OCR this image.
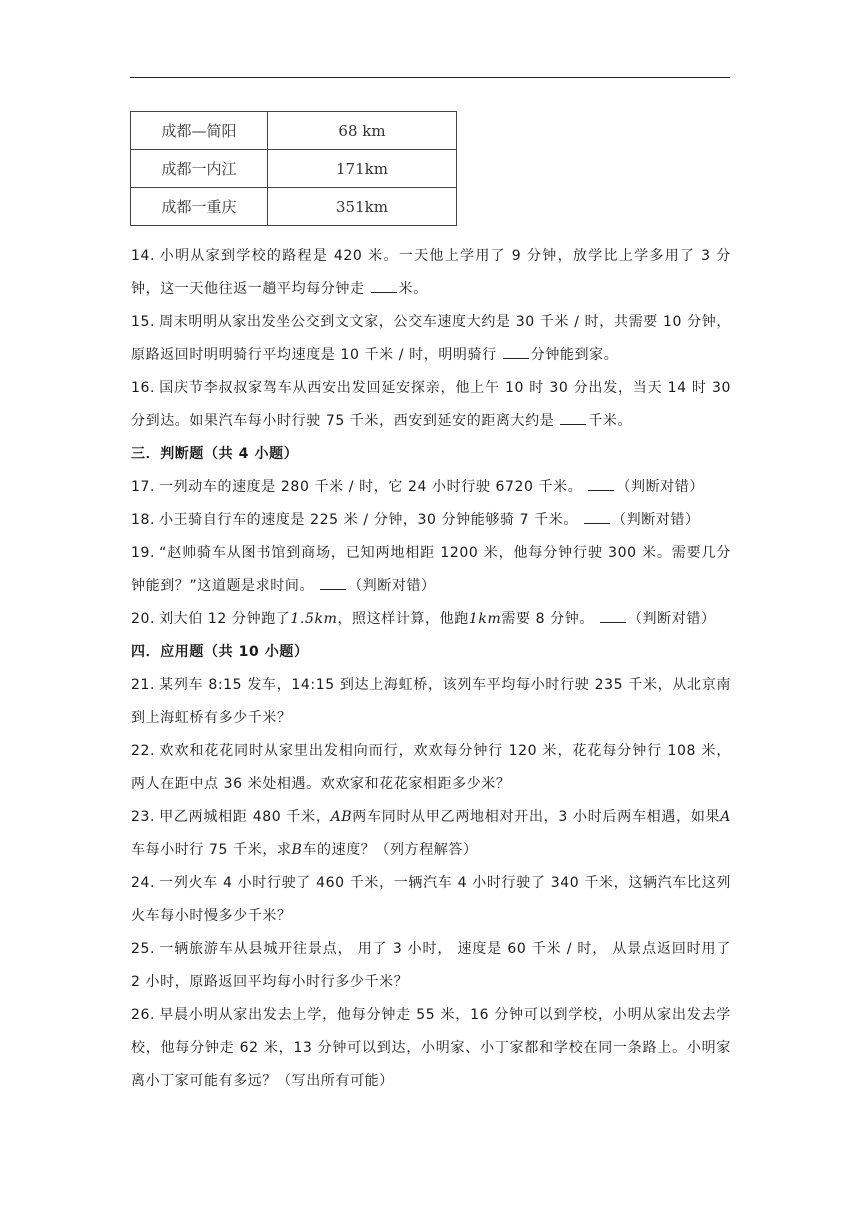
成都—简阳	68 km
成都一内江	171km
成都一重庆	351km

14. 小明从家到学校的路程是 420 米。一天他上学用了 9 分钟，放学比上学多用了 3 分钟，这一天他往返一趟平均每分钟走 米。

15. 周末明明从家出发坐公交到文文家，公交车速度大约是 30 千米 / 时，共需要 10 分钟，原路返回时明明骑行平均速度是 10 千米 / 时，明明骑行 分钟能到家。

16. 国庆节李叔叔家驾车从西安出发回延安探亲，他上午 10 时 30 分出发，当天 14 时 30 分到达。如果汽车每小时行驶 75 千米，西安到延安的距离大约是 千米。

三．判断题（共 4 小题）

17. 一列动车的速度是 280 千米 / 时，它 24 小时行驶 6720 千米。 （判断对错）

18. 小王骑自行车的速度是 225 米 / 分钟，30 分钟能够骑 7 千米。 （判断对错）

19. “赵帅骑车从图书馆到商场，已知两地相距 1200 米，他每分钟行驶 300 米。需要几分钟能到？”这道题是求时间。 （判断对错）

20. 刘大伯 12 分钟跑了1.5km，照这样计算，他跑1km需要 8 分钟。 （判断对错）

四．应用题（共 10 小题）

21. 某列车 8:15 发车，14:15 到达上海虹桥，该列车平均每小时行驶 235 千米，从北京南到上海虹桥有多少千米？

22. 欢欢和花花同时从家里出发相向而行，欢欢每分钟行 120 米，花花每分钟行 108 米，两人在距中点 36 米处相遇。欢欢家和花花家相距多少米？

23. 甲乙两城相距 480 千米，AB两车同时从甲乙两地相对开出，3 小时后两车相遇，如果A车每小时行 75 千米，求B车的速度？（列方程解答）

24. 一列火车 4 小时行驶了 460 千米，一辆汽车 4 小时行驶了 340 千米，这辆汽车比这列火车每小时慢多少千米？

25. 一辆旅游车从县城开往景点， 用了 3 小时， 速度是 60 千米 / 时， 从景点返回时用了 2 小时，原路返回平均每小时行多少千米？

26. 早晨小明从家出发去上学，他每分钟走 55 米，16 分钟可以到学校，小明从家出发去学校，他每分钟走 62 米，13 分钟可以到达，小明家、小丁家都和学校在同一条路上。小明家离小丁家可能有多远？（写出所有可能）
